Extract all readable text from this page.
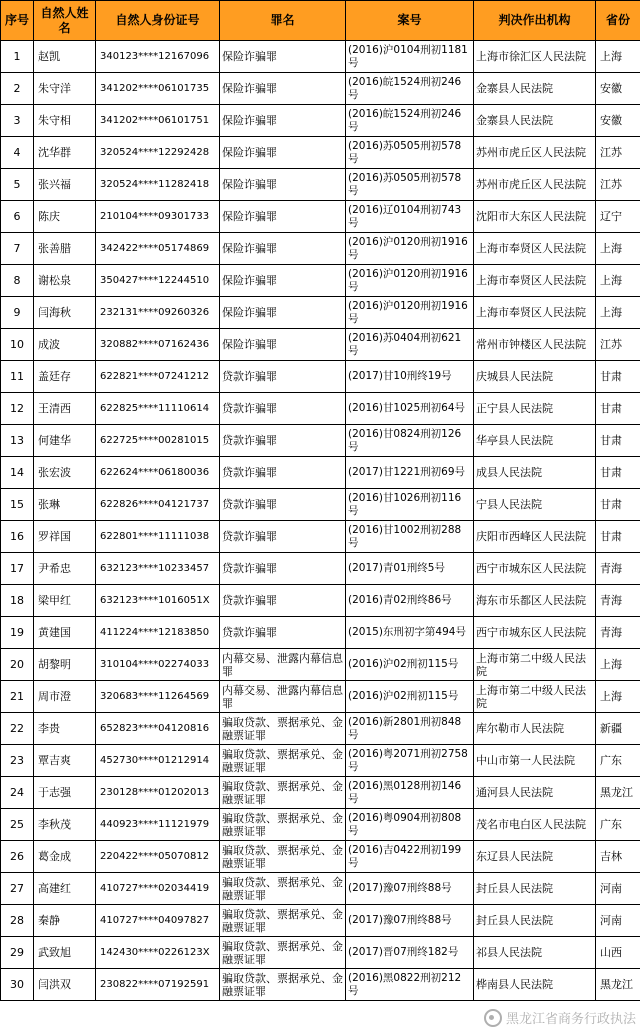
序号	自然人姓名	自然人身份证号	罪名	案号	判决作出机构	省份
1	赵凯	340123****12167096	保险诈骗罪	(2016)沪0104刑初1181号	上海市徐汇区人民法院	上海
2	朱守洋	341202****06101735	保险诈骗罪	(2016)皖1524刑初246号	金寨县人民法院	安徽
3	朱守相	341202****06101751	保险诈骗罪	(2016)皖1524刑初246号	金寨县人民法院	安徽
4	沈华群	320524****12292428	保险诈骗罪	(2016)苏0505刑初578号	苏州市虎丘区人民法院	江苏
5	张兴福	320524****11282418	保险诈骗罪	(2016)苏0505刑初578号	苏州市虎丘区人民法院	江苏
6	陈庆	210104****09301733	保险诈骗罪	(2016)辽0104刑初743号	沈阳市大东区人民法院	辽宁
7	张善腊	342422****05174869	保险诈骗罪	(2016)沪0120刑初1916号	上海市奉贤区人民法院	上海
8	谢松泉	350427****12244510	保险诈骗罪	(2016)沪0120刑初1916号	上海市奉贤区人民法院	上海
9	闫海秋	232131****09260326	保险诈骗罪	(2016)沪0120刑初1916号	上海市奉贤区人民法院	上海
10	成波	320882****07162436	保险诈骗罪	(2016)苏0404刑初621号	常州市钟楼区人民法院	江苏
11	盖廷存	622821****07241212	贷款诈骗罪	(2017)甘10刑终19号	庆城县人民法院	甘肃
12	王清西	622825****11110614	贷款诈骗罪	(2016)甘1025刑初64号	正宁县人民法院	甘肃
13	何建华	622725****00281015	贷款诈骗罪	(2016)甘0824刑初126号	华亭县人民法院	甘肃
14	张宏波	622624****06180036	贷款诈骗罪	(2017)甘1221刑初69号	成县人民法院	甘肃
15	张琳	622826****04121737	贷款诈骗罪	(2016)甘1026刑初116号	宁县人民法院	甘肃
16	罗祥国	622801****11111038	贷款诈骗罪	(2016)甘1002刑初288号	庆阳市西峰区人民法院	甘肃
17	尹希忠	632123****10233457	贷款诈骗罪	(2017)青01刑终5号	西宁市城东区人民法院	青海
18	梁甲红	632123****1016051X	贷款诈骗罪	(2016)青02刑终86号	海东市乐都区人民法院	青海
19	黄建国	411224****12183850	贷款诈骗罪	(2015)东刑初字第494号	西宁市城东区人民法院	青海
20	胡黎明	310104****02274033	内幕交易、泄露内幕信息罪	(2016)沪02刑初115号	上海市第二中级人民法院	上海
21	周市澄	320683****11264569	内幕交易、泄露内幕信息罪	(2016)沪02刑初115号	上海市第二中级人民法院	上海
22	李贵	652823****04120816	骗取贷款、票据承兑、金融票证罪	(2016)新2801刑初848号	库尔勒市人民法院	新疆
23	覃吉爽	452730****01212914	骗取贷款、票据承兑、金融票证罪	(2016)粤2071刑初2758号	中山市第一人民法院	广东
24	于志强	230128****01202013	骗取贷款、票据承兑、金融票证罪	(2016)黑0128刑初146号	通河县人民法院	黑龙江
25	李秋茂	440923****11121979	骗取贷款、票据承兑、金融票证罪	(2016)粤0904刑初808号	茂名市电白区人民法院	广东
26	葛金成	220422****05070812	骗取贷款、票据承兑、金融票证罪	(2016)吉0422刑初199号	东辽县人民法院	吉林
27	高建红	410727****02034419	骗取贷款、票据承兑、金融票证罪	(2017)豫07刑终88号	封丘县人民法院	河南
28	秦静	410727****04097827	骗取贷款、票据承兑、金融票证罪	(2017)豫07刑终88号	封丘县人民法院	河南
29	武致旭	142430****0226123X	骗取贷款、票据承兑、金融票证罪	(2017)晋07刑终182号	祁县人民法院	山西
30	闫洪双	230822****07192591	骗取贷款、票据承兑、金融票证罪	(2016)黑0822刑初212号	桦南县人民法院	黑龙江
黑龙江省商务行政执法
